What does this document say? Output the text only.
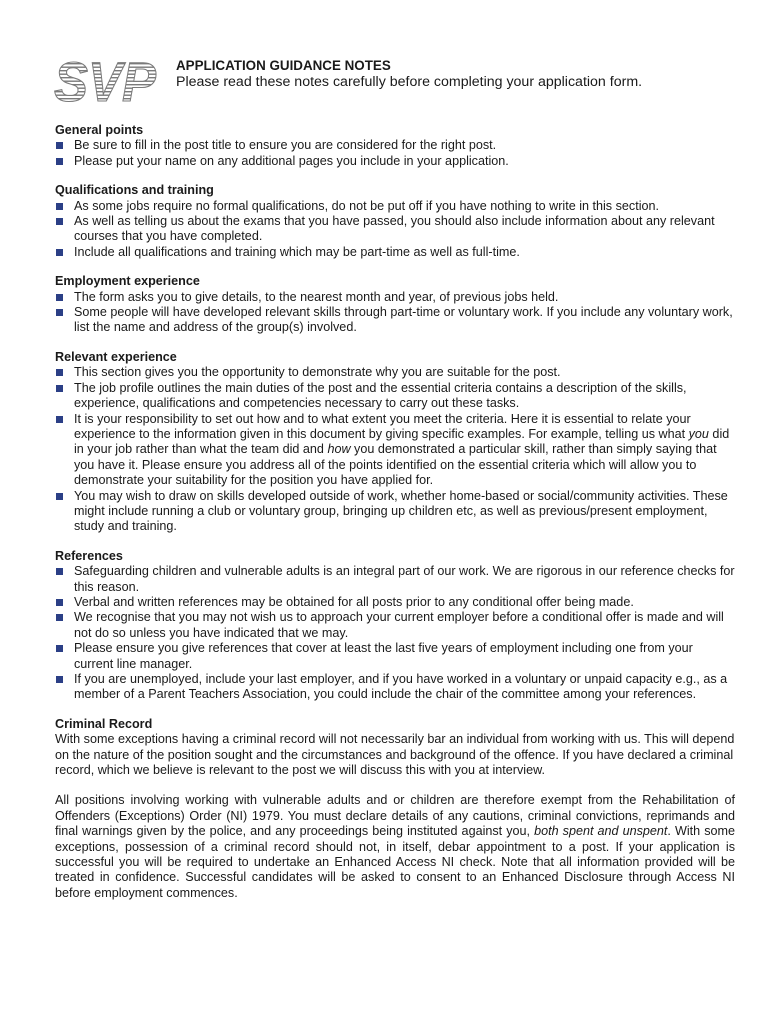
SVP APPLICATION GUIDANCE NOTES
Please read these notes carefully before completing your application form.
General points
Be sure to fill in the post title to ensure you are considered for the right post.
Please put your name on any additional pages you include in your application.
Qualifications and training
As some jobs require no formal qualifications, do not be put off if you have nothing to write in this section.
As well as telling us about the exams that you have passed, you should also include information about any relevant courses that you have completed.
Include all qualifications and training which may be part-time as well as full-time.
Employment experience
The form asks you to give details, to the nearest month and year, of previous jobs held.
Some people will have developed relevant skills through part-time or voluntary work. If you include any voluntary work, list the name and address of the group(s) involved.
Relevant experience
This section gives you the opportunity to demonstrate why you are suitable for the post.
The job profile outlines the main duties of the post and the essential criteria contains a description of the skills, experience, qualifications and competencies necessary to carry out these tasks.
It is your responsibility to set out how and to what extent you meet the criteria. Here it is essential to relate your experience to the information given in this document by giving specific examples. For example, telling us what you did in your job rather than what the team did and how you demonstrated a particular skill, rather than simply saying that you have it. Please ensure you address all of the points identified on the essential criteria which will allow you to demonstrate your suitability for the position you have applied for.
You may wish to draw on skills developed outside of work, whether home-based or social/community activities. These might include running a club or voluntary group, bringing up children etc, as well as previous/present employment, study and training.
References
Safeguarding children and vulnerable adults is an integral part of our work. We are rigorous in our reference checks for this reason.
Verbal and written references may be obtained for all posts prior to any conditional offer being made.
We recognise that you may not wish us to approach your current employer before a conditional offer is made and will not do so unless you have indicated that we may.
Please ensure you give references that cover at least the last five years of employment including one from your current line manager.
If you are unemployed, include your last employer, and if you have worked in a voluntary or unpaid capacity e.g., as a member of a Parent Teachers Association, you could include the chair of the committee among your references.
Criminal Record

With some exceptions having a criminal record will not necessarily bar an individual from working with us. This will depend on the nature of the position sought and the circumstances and background of the offence. If you have declared a criminal record, which we believe is relevant to the post we will discuss this with you at interview.

All positions involving working with vulnerable adults and or children are therefore exempt from the Rehabilitation of Offenders (Exceptions) Order (NI) 1979. You must declare details of any cautions, criminal convictions, reprimands and final warnings given by the police, and any proceedings being instituted against you, both spent and unspent. With some exceptions, possession of a criminal record should not, in itself, debar appointment to a post. If your application is successful you will be required to undertake an Enhanced Access NI check. Note that all information provided will be treated in confidence. Successful candidates will be asked to consent to an Enhanced Disclosure through Access NI before employment commences.
